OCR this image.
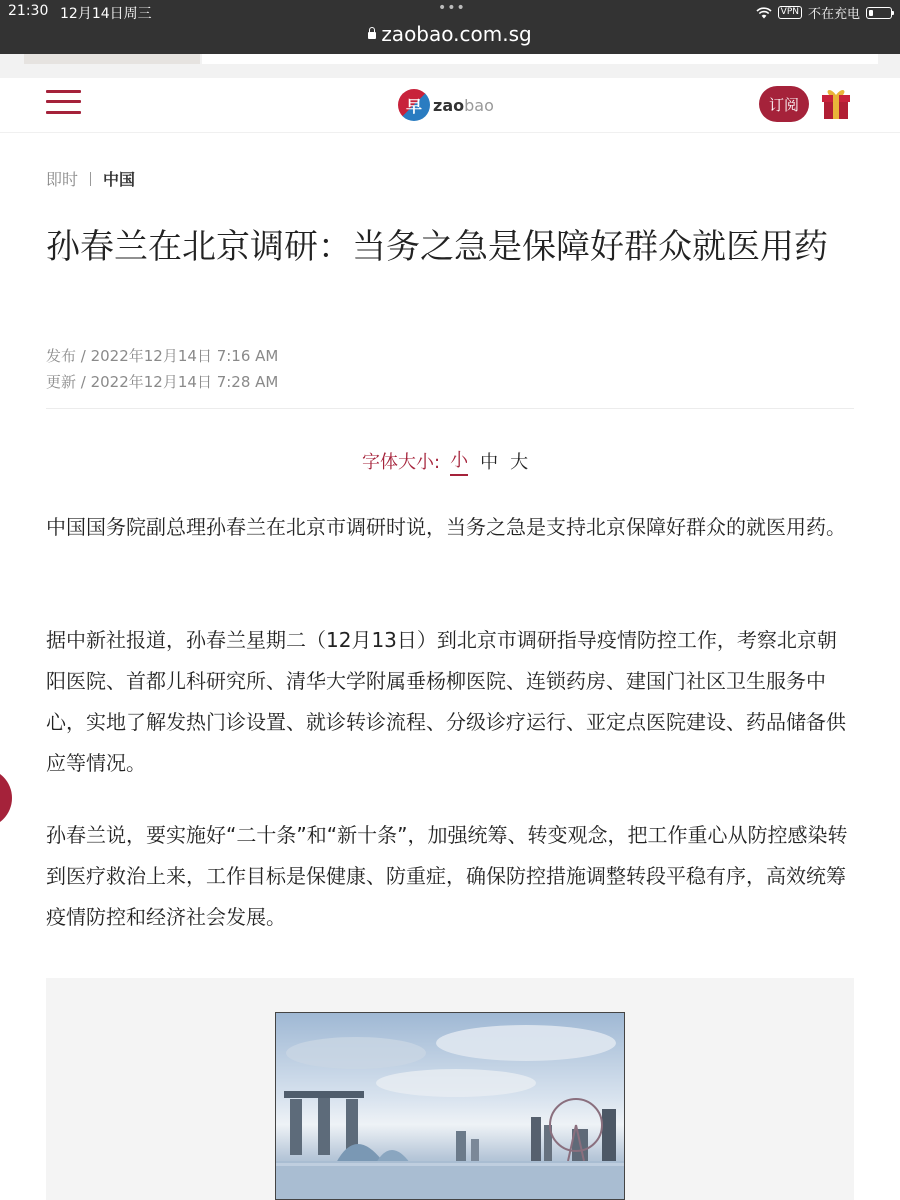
21:30 12月14日周三	•••	VPN 不在充电
zaobao.com.sg
早 zaobao	订阅
即时 中国
孙春兰在北京调研：当务之急是保障好群众就医用药
发布 / 2022年12月14日 7:16 AM
更新 / 2022年12月14日 7:28 AM
字体大小: 小 中 大

中国国务院副总理孙春兰在北京市调研时说，当务之急是支持北京保障好群众的就医用药。

据中新社报道，孙春兰星期二（12月13日）到北京市调研指导疫情防控工作，考察北京朝阳医院、首都儿科研究所、清华大学附属垂杨柳医院、连锁药房、建国门社区卫生服务中心，实地了解发热门诊设置、就诊转诊流程、分级诊疗运行、亚定点医院建设、药品储备供应等情况。

孙春兰说，要实施好“二十条”和“新十条”，加强统筹、转变观念，把工作重心从防控感染转到医疗救治上来，工作目标是保健康、防重症，确保防控措施调整转段平稳有序，高效统筹疫情防控和经济社会发展。
